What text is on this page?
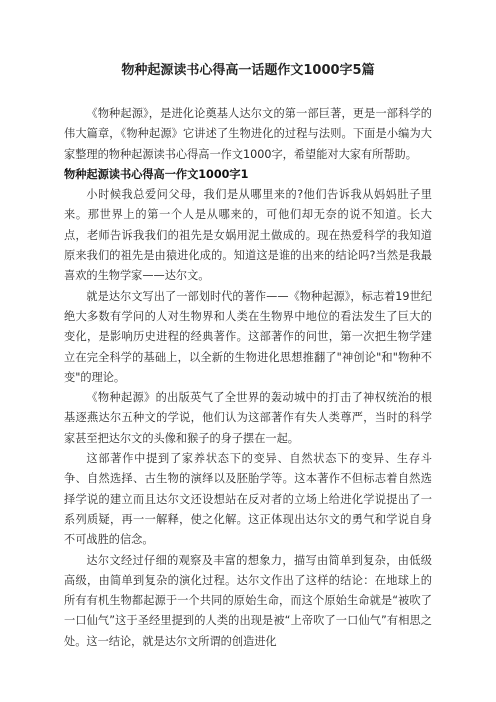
物种起源读书心得高一话题作文1000字5篇

《物种起源》，是进化论奠基人达尔文的第一部巨著，更是一部科学的伟大篇章，《物种起源》它讲述了生物进化的过程与法则。下面是小编为大家整理的物种起源读书心得高一作文1000字，希望能对大家有所帮助。

物种起源读书心得高一作文1000字1

小时候我总爱问父母，我们是从哪里来的?他们告诉我从妈妈肚子里来。那世界上的第一个人是从哪来的，可他们却无奈的说不知道。长大点，老师告诉我我们的祖先是女娲用泥土做成的。现在热爱科学的我知道原来我们的祖先是由猿进化成的。知道这是谁的出来的结论吗?当然是我最喜欢的生物学家——达尔文。

就是达尔文写出了一部划时代的著作——《物种起源》，标志着19世纪绝大多数有学问的人对生物界和人类在生物界中地位的看法发生了巨大的变化，是影响历史进程的经典著作。这部著作的问世，第一次把生物学建立在完全科学的基础上，以全新的生物进化思想推翻了"神创论"和"物种不变"的理论。

《物种起源》的出版英气了全世界的轰动城中的打击了神权统治的根基逐燕达尔五种文的学说，他们认为这部著作有失人类尊严，当时的科学家甚至把达尔文的头像和猴子的身子摆在一起。

这部著作中提到了家养状态下的变异、自然状态下的变异、生存斗争、自然选择、古生物的演绎以及胚胎学等。这本著作不但标志着自然选择学说的建立而且达尔文还设想站在反对者的立场上给进化学说提出了一系列质疑，再一一解释，使之化解。这正体现出达尔文的勇气和学说自身不可战胜的信念。

达尔文经过仔细的观察及丰富的想象力，描写由简单到复杂，由低级高级，由简单到复杂的演化过程。达尔文作出了这样的结论：在地球上的所有有机生物都起源于一个共同的原始生命，而这个原始生命就是“被吹了一口仙气”这于圣经里提到的人类的出现是被“上帝吹了一口仙气”有相思之处。这一结论，就是达尔文所谓的创造进化
